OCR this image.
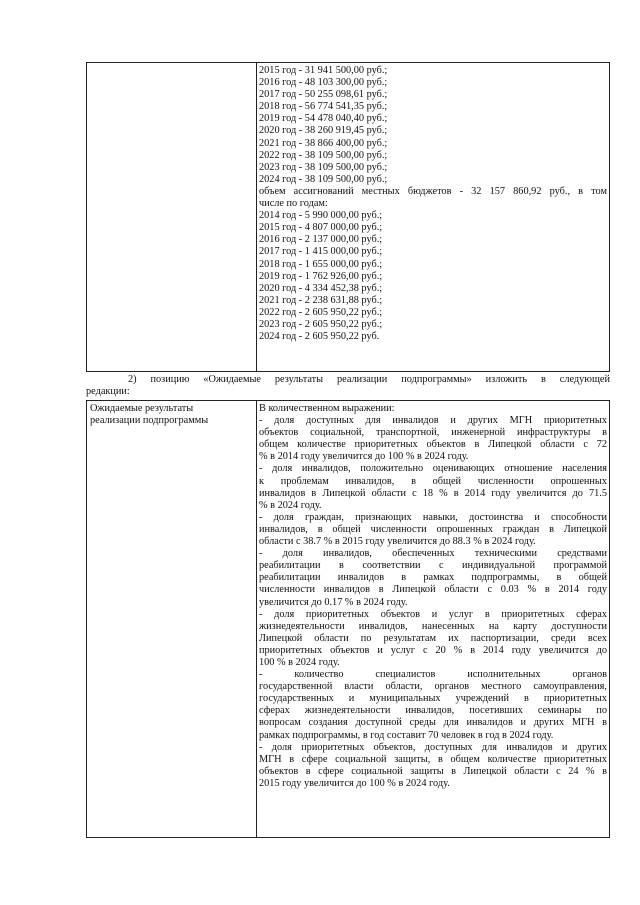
2015 год - 31 941 500,00 руб.;
2016 год - 48 103 300,00 руб.;
2017 год - 50 255 098,61 руб.;
2018 год - 56 774 541,35 руб.;
2019 год - 54 478 040,40 руб.;
2020 год - 38 260 919,45 руб.;
2021 год - 38 866 400,00 руб.;
2022 год - 38 109 500,00 руб.;
2023 год - 38 109 500,00 руб.;
2024 год - 38 109 500,00 руб.;
объем ассигнований местных бюджетов - 32 157 860,92 руб., в том
числе по годам:
2014 год - 5 990 000,00 руб.;
2015 год - 4 807 000,00 руб.;
2016 год - 2 137 000,00 руб.;
2017 год - 1 415 000,00 руб.;
2018 год - 1 655 000,00 руб.;
2019 год - 1 762 926,00 руб.;
2020 год - 4 334 452,38 руб.;
2021 год - 2 238 631,88 руб.;
2022 год - 2 605 950,22 руб.;
2023 год - 2 605 950,22 руб.;
2024 год - 2 605 950,22 руб.
2) позицию «Ожидаемые результаты реализации подпрограммы» изложить в следующей
редакции:
Ожидаемые результаты
реализации подпрограммы
В количественном выражении:
- доля доступных для инвалидов и других МГН приоритетных
объектов социальной, транспортной, инженерной инфраструктуры в
общем количестве приоритетных объектов в Липецкой области с 72
% в 2014 году увеличится до 100 % в 2024 году.
- доля инвалидов, положительно оценивающих отношение населения
к проблемам инвалидов, в общей численности опрошенных
инвалидов в Липецкой области с 18 % в 2014 году увеличится до 71.5
% в 2024 году.
- доля граждан, признающих навыки, достоинства и способности
инвалидов, в общей численности опрошенных граждан в Липецкой
области с 38.7 % в 2015 году увеличится до 88.3 % в 2024 году.
- доля инвалидов, обеспеченных техническими средствами
реабилитации в соответствии с индивидуальной программой
реабилитации инвалидов в рамках подпрограммы, в общей
численности инвалидов в Липецкой области с 0.03 % в 2014 году
увеличится до 0.17 % в 2024 году.
- доля приоритетных объектов и услуг в приоритетных сферах
жизнедеятельности инвалидов, нанесенных на карту доступности
Липецкой области по результатам их паспортизации, среди всех
приоритетных объектов и услуг с 20 % в 2014 году увеличится до
100 % в 2024 году.
- количество специалистов исполнительных органов
государственной власти области, органов местного самоуправления,
государственных и муниципальных учреждений в приоритетных
сферах жизнедеятельности инвалидов, посетивших семинары по
вопросам создания доступной среды для инвалидов и других МГН в
рамках подпрограммы, в год составит 70 человек в год в 2024 году.
- доля приоритетных объектов, доступных для инвалидов и других
МГН в сфере социальной защиты, в общем количестве приоритетных
объектов в сфере социальной защиты в Липецкой области с 24 % в
2015 году увеличится до 100 % в 2024 году.
